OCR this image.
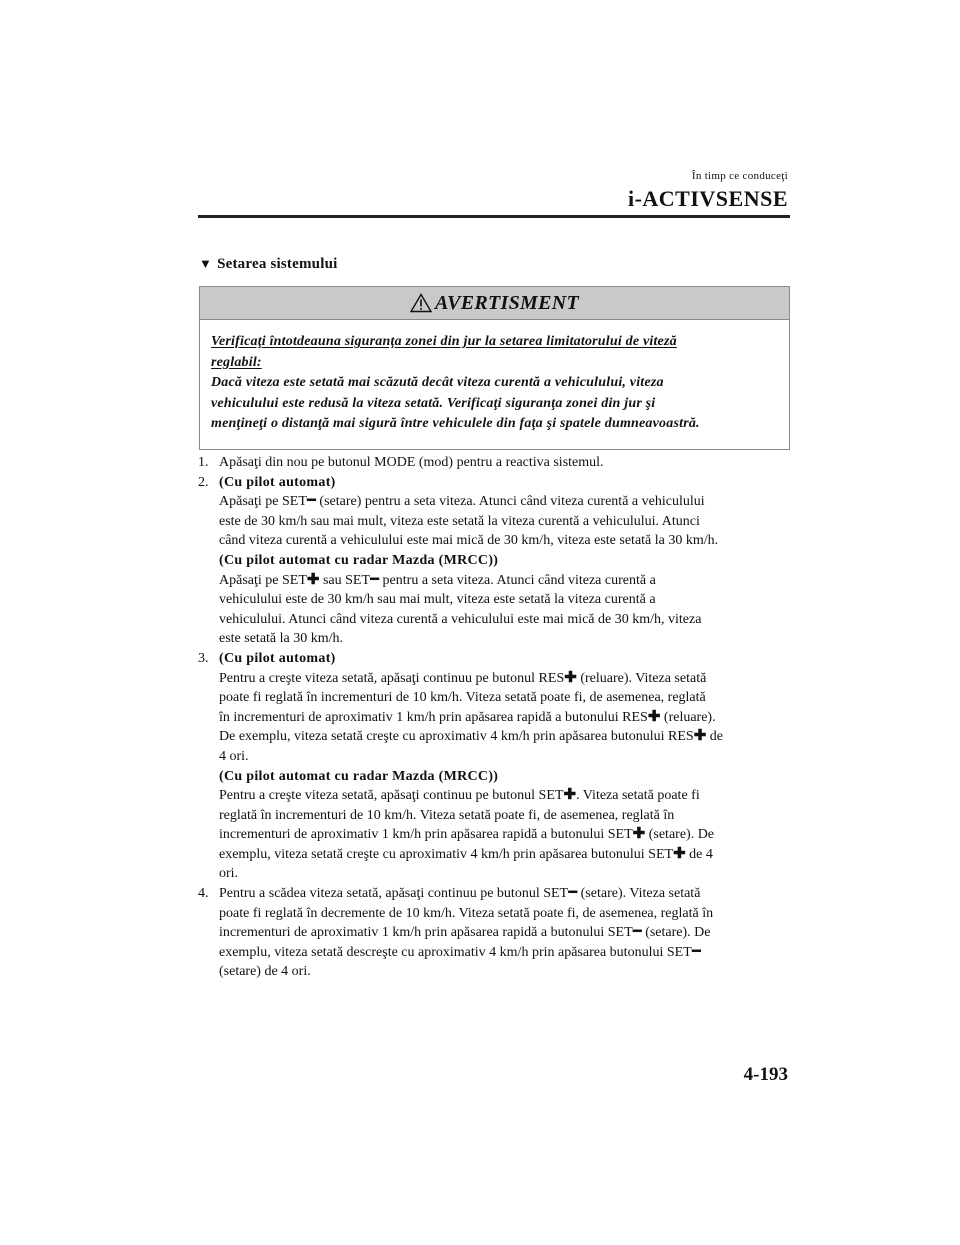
În timp ce conduceţi
i-ACTIVSENSE
▼ Setarea sistemului
AVERTISMENT
Verificaţi întotdeauna siguranţa zonei din jur la setarea limitatorului de viteză
reglabil:
Dacă viteza este setată mai scăzută decât viteza curentă a vehiculului, viteza
vehiculului este redusă la viteza setată. Verificaţi siguranţa zonei din jur şi
menţineţi o distanţă mai sigură între vehiculele din faţa şi spatele dumneavoastră.
1. Apăsaţi din nou pe butonul MODE (mod) pentru a reactiva sistemul.
2. (Cu pilot automat)
Apăsaţi pe SET━ (setare) pentru a seta viteza. Atunci când viteza curentă a vehiculului
este de 30 km/h sau mai mult, viteza este setată la viteza curentă a vehiculului. Atunci
când viteza curentă a vehiculului este mai mică de 30 km/h, viteza este setată la 30 km/h.
(Cu pilot automat cu radar Mazda (MRCC))
Apăsaţi pe SET✚ sau SET━ pentru a seta viteza. Atunci când viteza curentă a
vehiculului este de 30 km/h sau mai mult, viteza este setată la viteza curentă a
vehiculului. Atunci când viteza curentă a vehiculului este mai mică de 30 km/h, viteza
este setată la 30 km/h.
3. (Cu pilot automat)
Pentru a creşte viteza setată, apăsaţi continuu pe butonul RES✚ (reluare). Viteza setată
poate fi reglată în incrementuri de 10 km/h. Viteza setată poate fi, de asemenea, reglată
în incrementuri de aproximativ 1 km/h prin apăsarea rapidă a butonului RES✚ (reluare).
De exemplu, viteza setată creşte cu aproximativ 4 km/h prin apăsarea butonului RES✚ de
4 ori.
(Cu pilot automat cu radar Mazda (MRCC))
Pentru a creşte viteza setată, apăsaţi continuu pe butonul SET✚. Viteza setată poate fi
reglată în incrementuri de 10 km/h. Viteza setată poate fi, de asemenea, reglată în
incrementuri de aproximativ 1 km/h prin apăsarea rapidă a butonului SET✚ (setare). De
exemplu, viteza setată creşte cu aproximativ 4 km/h prin apăsarea butonului SET✚ de 4
ori.
4. Pentru a scădea viteza setată, apăsaţi continuu pe butonul SET━ (setare). Viteza setată
poate fi reglată în decremente de 10 km/h. Viteza setată poate fi, de asemenea, reglată în
incrementuri de aproximativ 1 km/h prin apăsarea rapidă a butonului SET━ (setare). De
exemplu, viteza setată descreşte cu aproximativ 4 km/h prin apăsarea butonului SET━
(setare) de 4 ori.
4-193
